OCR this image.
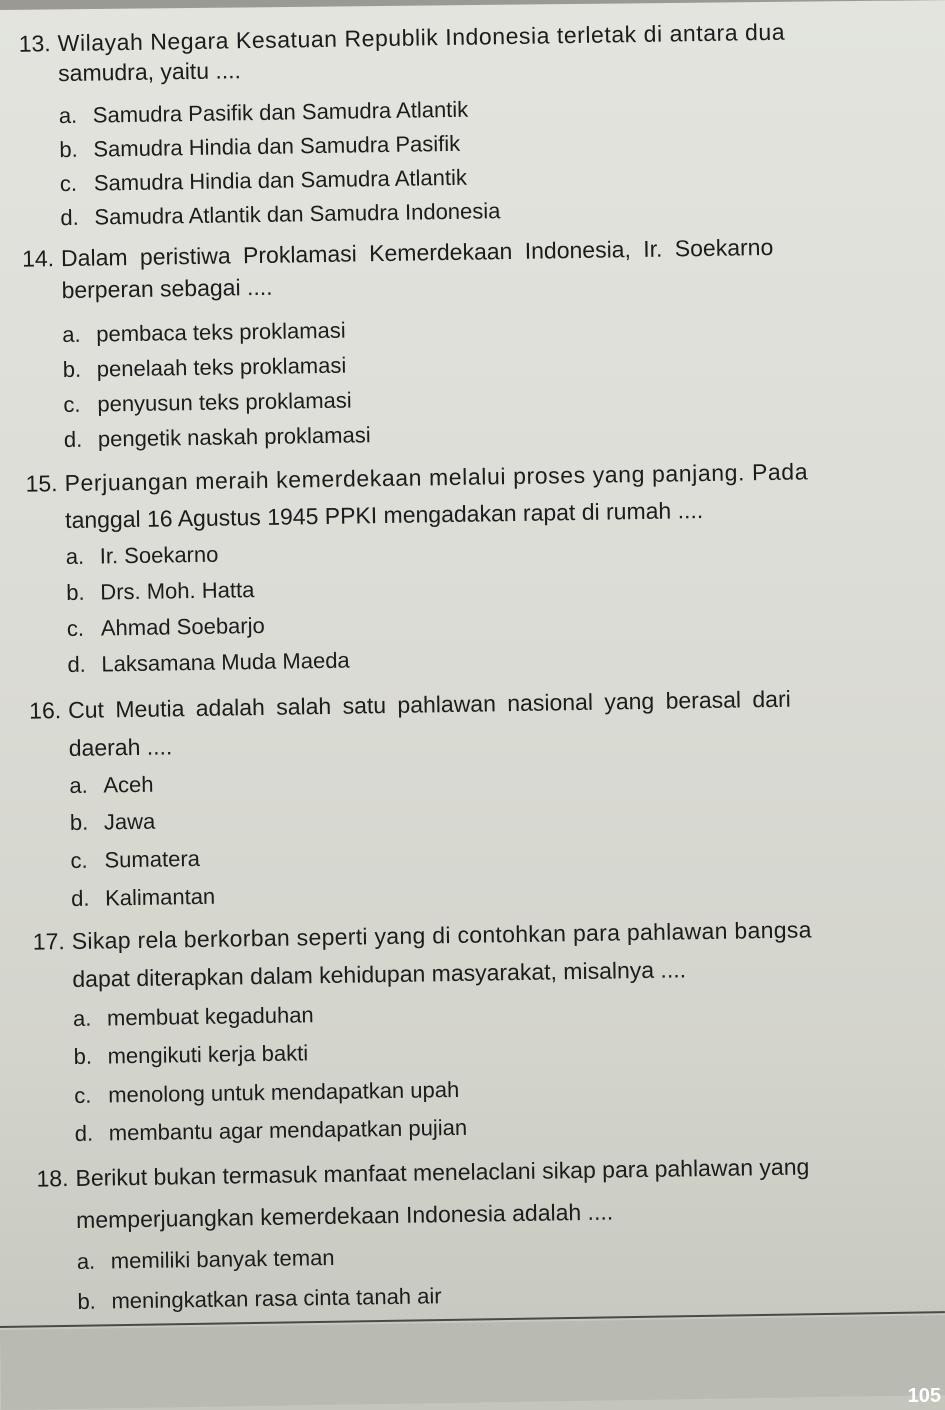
13. Wilayah Negara Kesatuan Republik Indonesia terletak di antara dua
samudra, yaitu ....
a. Samudra Pasifik dan Samudra Atlantik
b. Samudra Hindia dan Samudra Pasifik
c. Samudra Hindia dan Samudra Atlantik
d. Samudra Atlantik dan Samudra Indonesia
14. Dalam peristiwa Proklamasi Kemerdekaan Indonesia, Ir. Soekarno
berperan sebagai ....
a. pembaca teks proklamasi
b. penelaah teks proklamasi
c. penyusun teks proklamasi
d. pengetik naskah proklamasi
15. Perjuangan meraih kemerdekaan melalui proses yang panjang. Pada
tanggal 16 Agustus 1945 PPKI mengadakan rapat di rumah ....
a. Ir. Soekarno
b. Drs. Moh. Hatta
c. Ahmad Soebarjo
d. Laksamana Muda Maeda
16. Cut Meutia adalah salah satu pahlawan nasional yang berasal dari
daerah ....
a. Aceh
b. Jawa
c. Sumatera
d. Kalimantan
17. Sikap rela berkorban seperti yang di contohkan para pahlawan bangsa
dapat diterapkan dalam kehidupan masyarakat, misalnya ....
a. membuat kegaduhan
b. mengikuti kerja bakti
c. menolong untuk mendapatkan upah
d. membantu agar mendapatkan pujian
18. Berikut bukan termasuk manfaat menelaclani sikap para pahlawan yang
memperjuangkan kemerdekaan Indonesia adalah ....
a. memiliki banyak teman
b. meningkatkan rasa cinta tanah air
105
